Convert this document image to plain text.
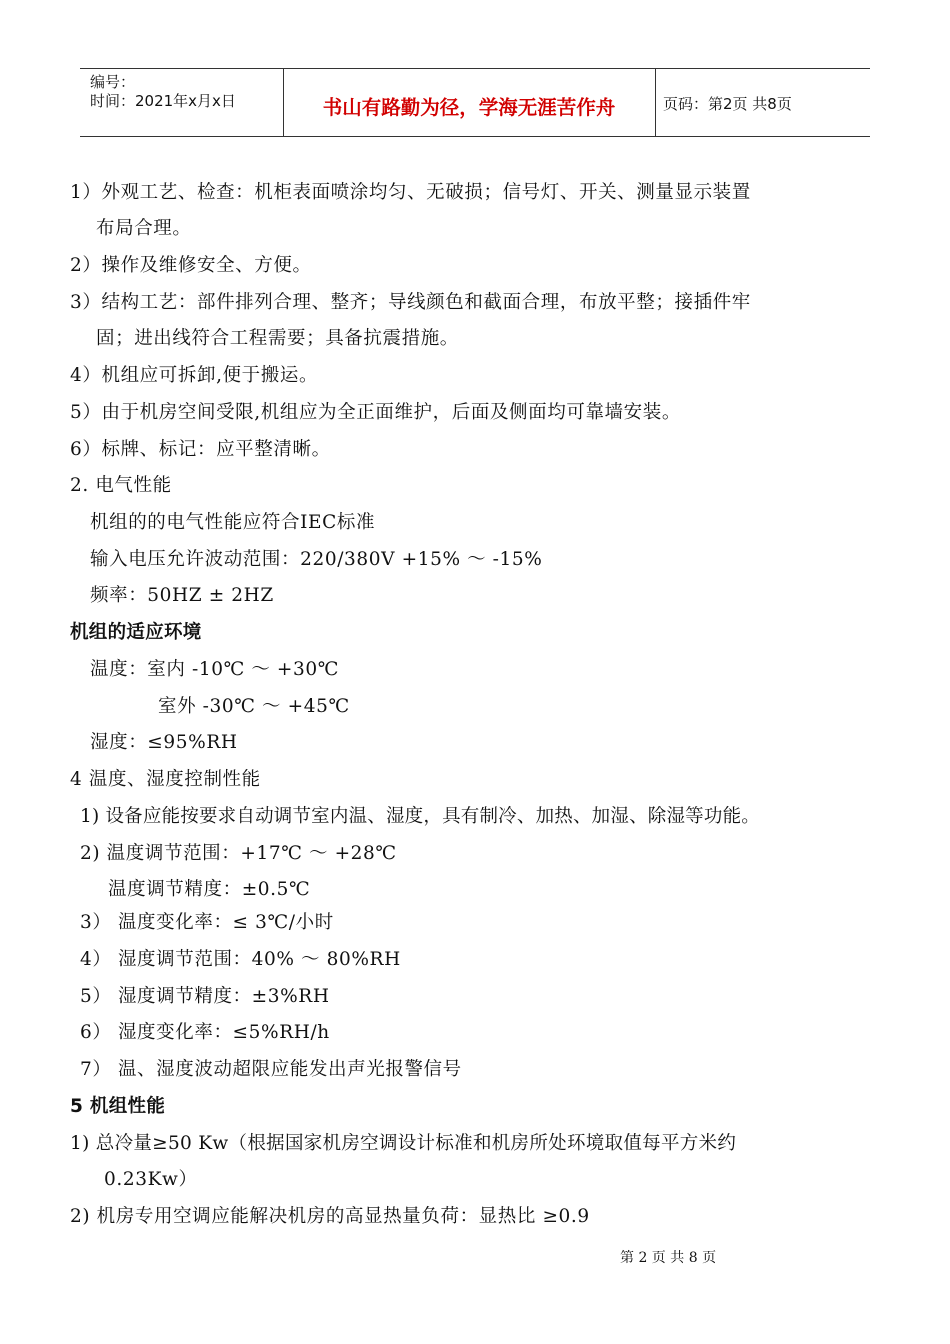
编号：
时间：2021年x月x日	书山有路勤为径，学海无涯苦作舟	页码：第2页 共8页
1）外观工艺、检查：机柜表面喷涂均匀、无破损；信号灯、开关、测量显示装置
布局合理。
2）操作及维修安全、方便。
3）结构工艺：部件排列合理、整齐；导线颜色和截面合理，布放平整；接插件牢
固；进出线符合工程需要；具备抗震措施。
4）机组应可拆卸,便于搬运。
5）由于机房空间受限,机组应为全正面维护，后面及侧面均可靠墙安装。
6）标牌、标记：应平整清晰。
2. 电气性能
机组的的电气性能应符合IEC标准
输入电压允许波动范围：220/380V +15% ～ -15%
频率：50HZ ± 2HZ
机组的适应环境
温度：室内 -10℃ ～ +30℃
室外 -30℃ ～ +45℃
湿度：≤95%RH
4 温度、湿度控制性能
1) 设备应能按要求自动调节室内温、湿度，具有制冷、加热、加湿、除湿等功能。
2) 温度调节范围：+17℃ ～ +28℃
温度调节精度：±0.5℃
3） 温度变化率：≤ 3℃/小时
4） 湿度调节范围：40% ～ 80%RH
5） 湿度调节精度：±3%RH
6） 湿度变化率：≤5%RH/h
7） 温、湿度波动超限应能发出声光报警信号
5 机组性能
1) 总冷量≥50 Kw（根据国家机房空调设计标准和机房所处环境取值每平方米约
0.23Kw）
2) 机房专用空调应能解决机房的高显热量负荷：显热比 ≥0.9
第 2 页 共 8 页
